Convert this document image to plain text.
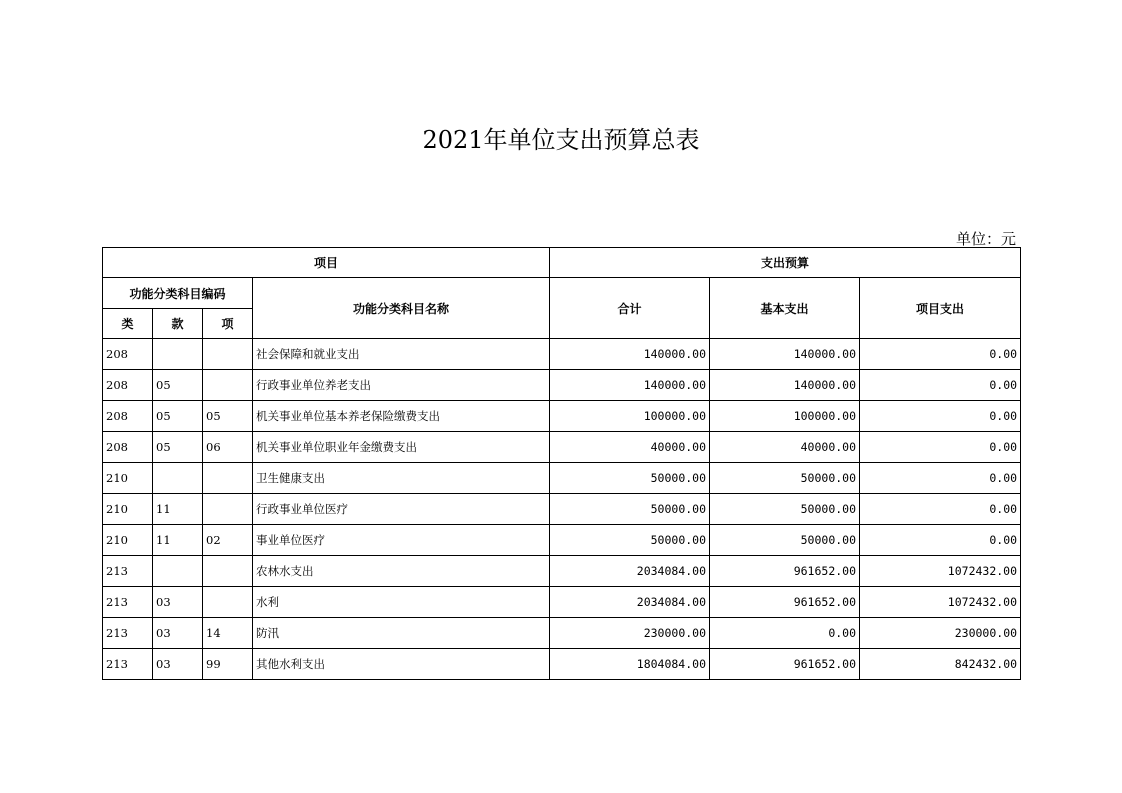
2021年单位支出预算总表
单位：元
项目				支出预算		
功能分类科目编码			功能分类科目名称	合计	基本支出	项目支出
类	款	项				
208			社会保障和就业支出	140000.00	140000.00	0.00
208	05		行政事业单位养老支出	140000.00	140000.00	0.00
208	05	05	机关事业单位基本养老保险缴费支出	100000.00	100000.00	0.00
208	05	06	机关事业单位职业年金缴费支出	40000.00	40000.00	0.00
210			卫生健康支出	50000.00	50000.00	0.00
210	11		行政事业单位医疗	50000.00	50000.00	0.00
210	11	02	事业单位医疗	50000.00	50000.00	0.00
213			农林水支出	2034084.00	961652.00	1072432.00
213	03		水利	2034084.00	961652.00	1072432.00
213	03	14	防汛	230000.00	0.00	230000.00
213	03	99	其他水利支出	1804084.00	961652.00	842432.00
